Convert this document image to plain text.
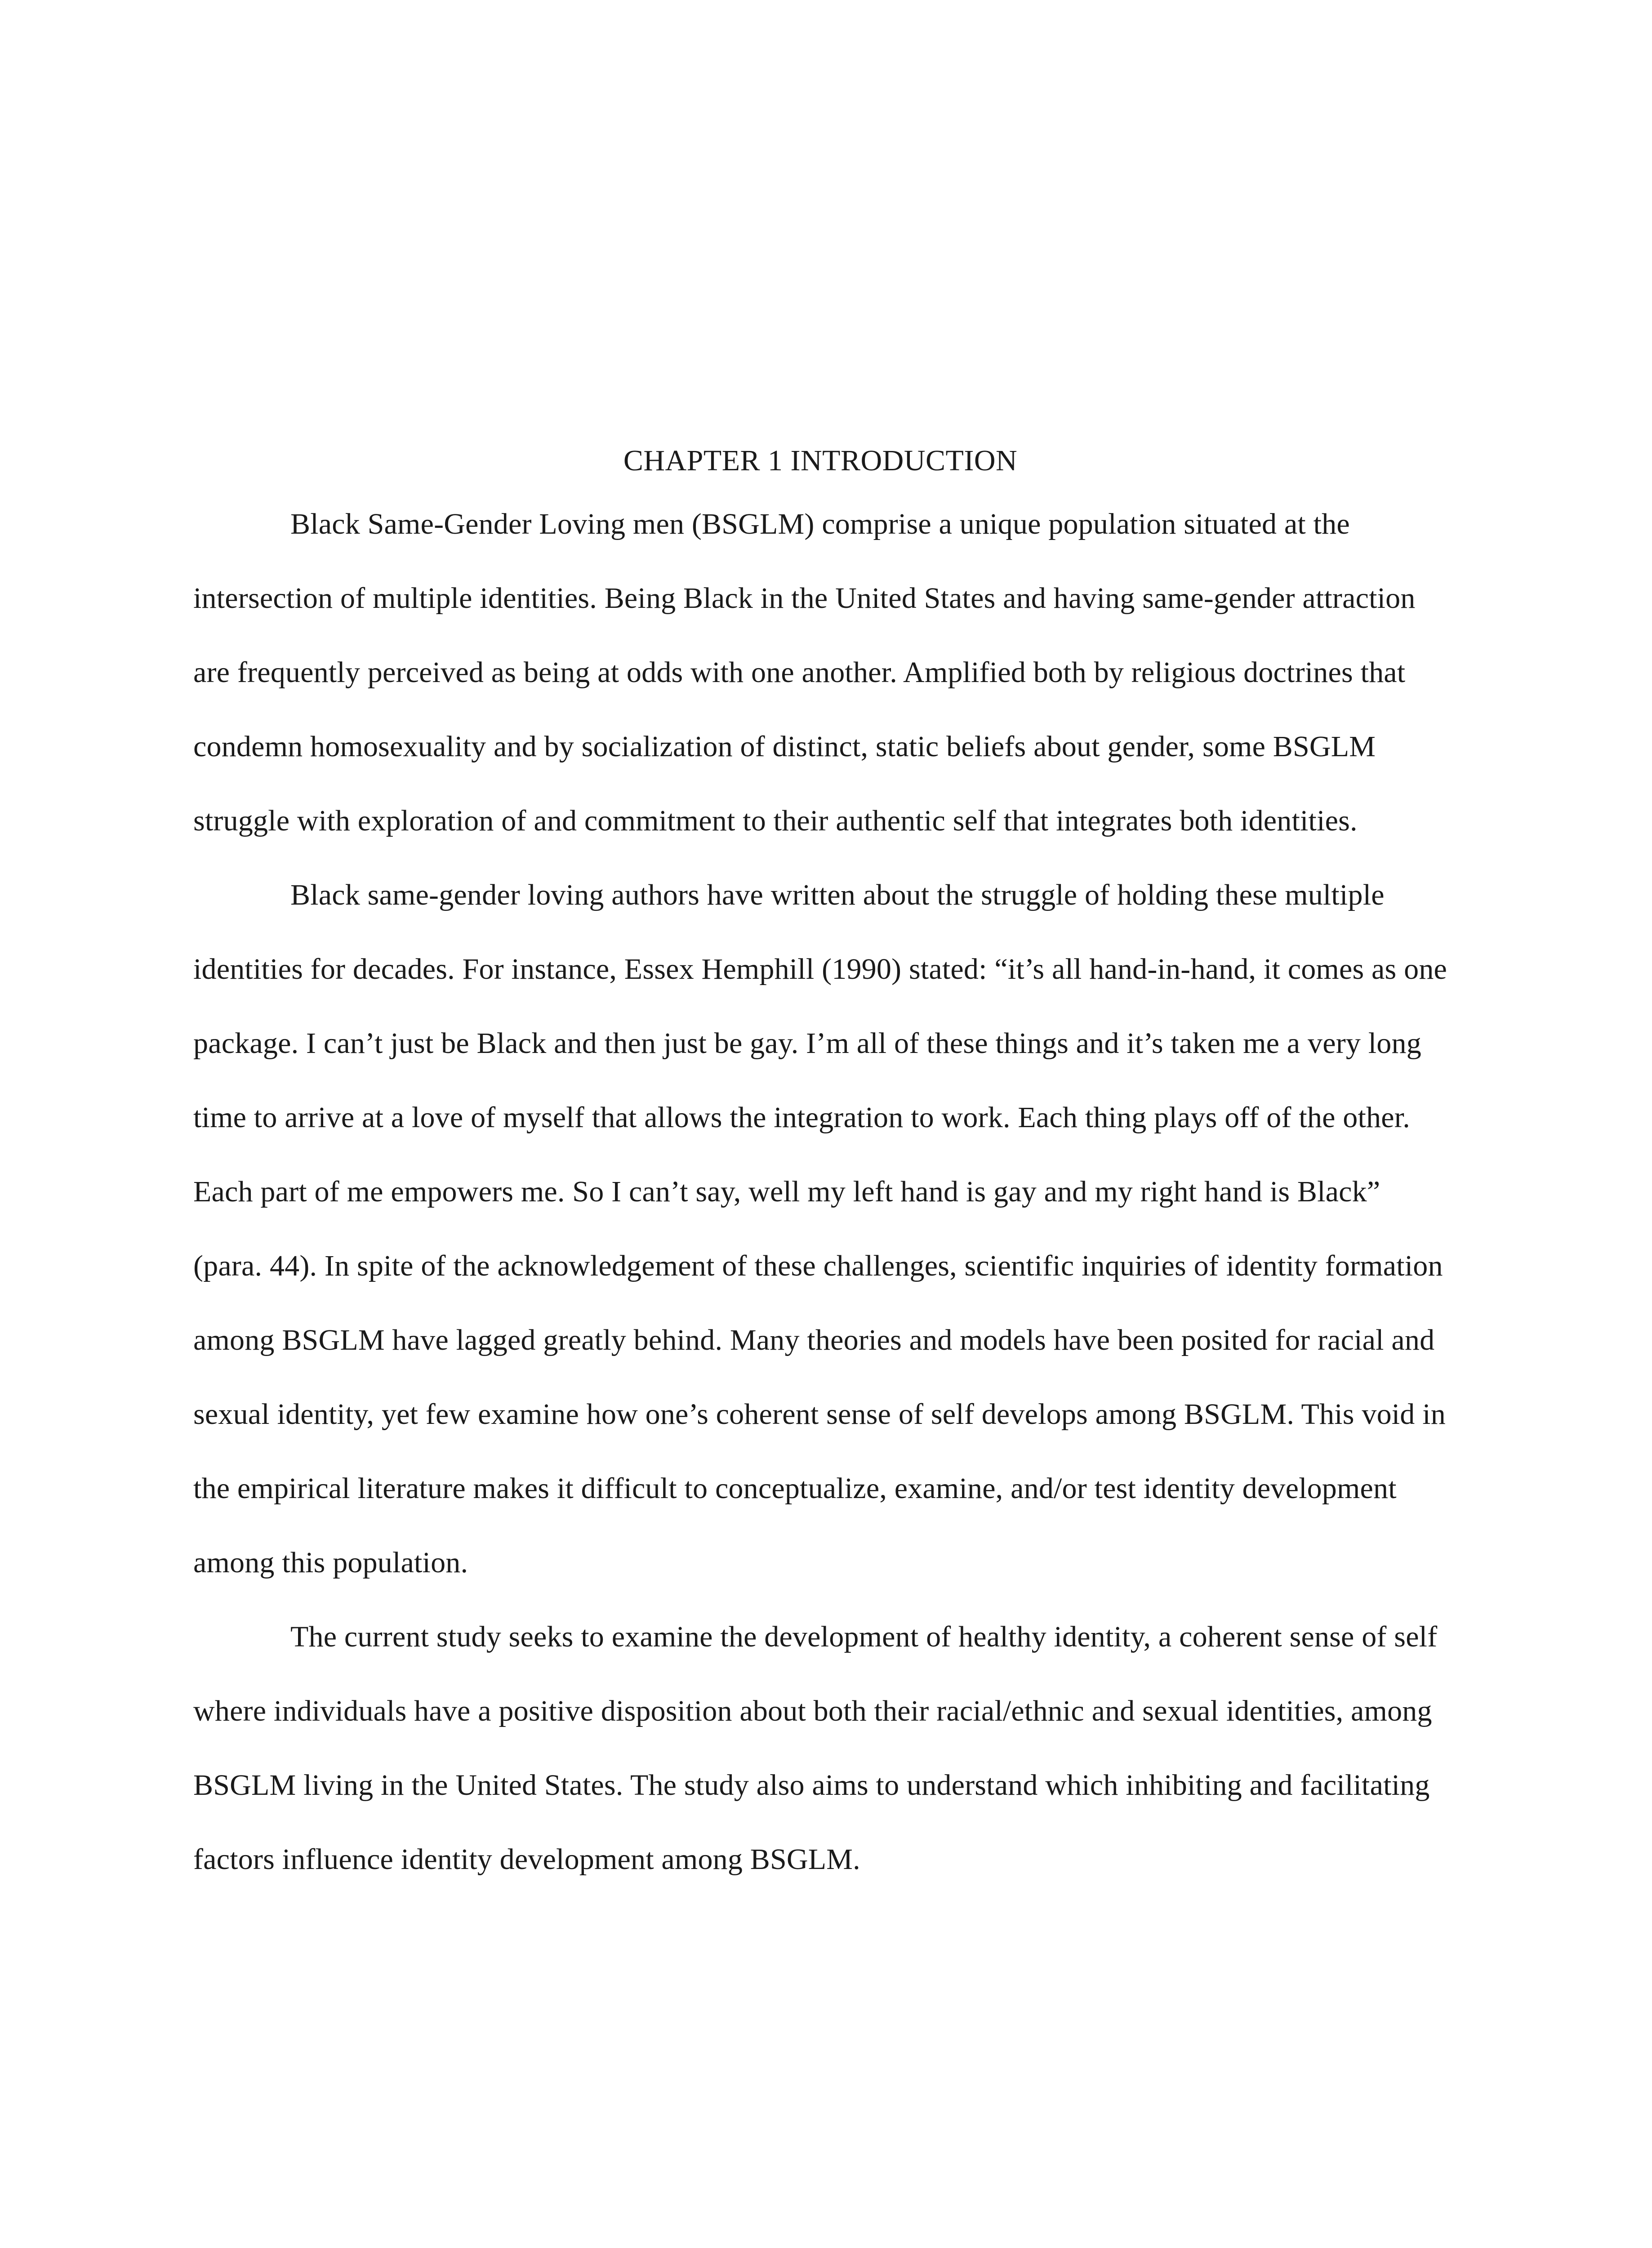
CHAPTER 1 INTRODUCTION

Black Same-Gender Loving men (BSGLM) comprise a unique population situated at the intersection of multiple identities. Being Black in the United States and having same-gender attraction are frequently perceived as being at odds with one another. Amplified both by religious doctrines that condemn homosexuality and by socialization of distinct, static beliefs about gender, some BSGLM struggle with exploration of and commitment to their authentic self that integrates both identities.

Black same-gender loving authors have written about the struggle of holding these multiple identities for decades. For instance, Essex Hemphill (1990) stated: “it’s all hand-in-hand, it comes as one package. I can’t just be Black and then just be gay. I’m all of these things and it’s taken me a very long time to arrive at a love of myself that allows the integration to work. Each thing plays off of the other. Each part of me empowers me. So I can’t say, well my left hand is gay and my right hand is Black” (para. 44). In spite of the acknowledgement of these challenges, scientific inquiries of identity formation among BSGLM have lagged greatly behind. Many theories and models have been posited for racial and sexual identity, yet few examine how one’s coherent sense of self develops among BSGLM. This void in the empirical literature makes it difficult to conceptualize, examine, and/or test identity development among this population.

The current study seeks to examine the development of healthy identity, a coherent sense of self where individuals have a positive disposition about both their racial/ethnic and sexual identities, among BSGLM living in the United States. The study also aims to understand which inhibiting and facilitating factors influence identity development among BSGLM.
